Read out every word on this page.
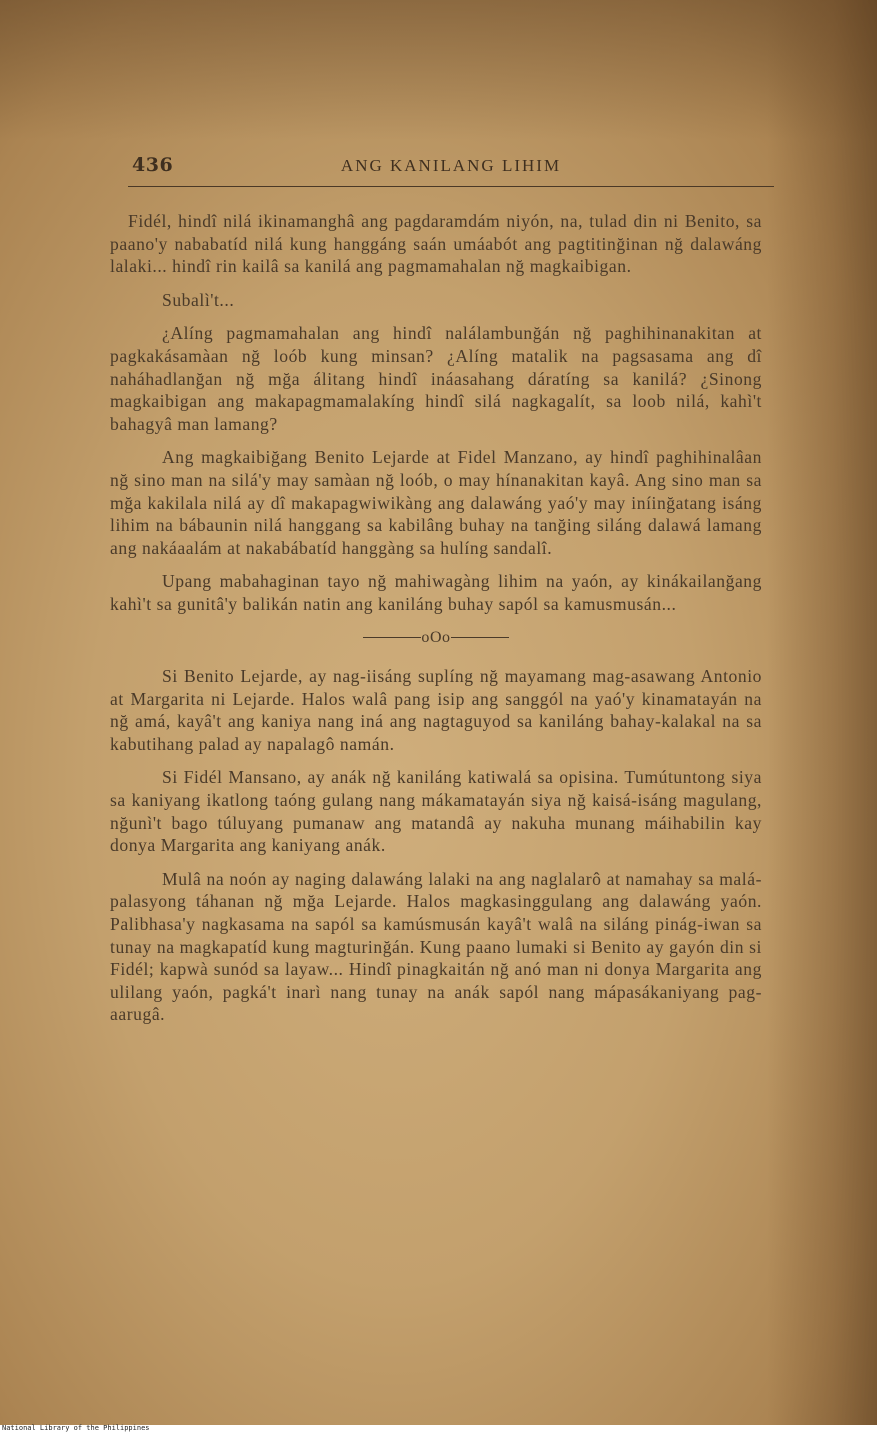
436	ANG KANILANG LIHIM

Fidél, hindî nilá ikinamanghâ ang pagdaramdám niyón, na, tulad din ni Benito, sa paano'y nababatíd nilá kung hanggáng saán umáabót ang pagtitinğinan nğ dalawáng lalaki... hindî rin kailâ sa kanilá ang pagmamahalan nğ magkaibigan.

Subalì't...

¿Alíng pagmamahalan ang hindî nalálambunğán nğ paghihinanakitan at pagkakásamàan nğ loób kung minsan? ¿Alíng matalik na pagsasama ang dî naháhadlanğan nğ mğa álitang hindî ináasahang dáratíng sa kanilá? ¿Sinong magkaibigan ang makapagmamalakíng hindî silá nagkagalít, sa loob nilá, kahì't bahagyâ man lamang?

Ang magkaibiğang Benito Lejarde at Fidel Manzano, ay hindî paghihinalâan nğ sino man na silá'y may samàan nğ loób, o may hínanakitan kayâ. Ang sino man sa mğa kakilala nilá ay dî makapagwiwikàng ang dalawáng yaó'y may iníinğatang isáng lihim na bábaunin nilá hanggang sa kabilâng buhay na tanğing siláng dalawá lamang ang nakáaalám at nakabábatíd hanggàng sa hulíng sandalî.

Upang mabahaginan tayo nğ mahiwagàng lihim na yaón, ay kinákailanğang kahì't sa gunitâ'y balikán natin ang kaniláng buhay sapól sa kamusmusán...

oOo

Si Benito Lejarde, ay nag-iisáng suplíng nğ mayamang mag-asawang Antonio at Margarita ni Lejarde. Halos walâ pang isip ang sanggól na yaó'y kinamatayán na nğ amá, kayâ't ang kaniya nang iná ang nagtaguyod sa kaniláng bahay-kalakal na sa kabutihang palad ay napalagô namán.

Si Fidél Mansano, ay anák nğ kaniláng katiwalá sa opisina. Tumútuntong siya sa kaniyang ikatlong taóng gulang nang mákamatayán siya nğ kaisá-isáng magulang, nğunì't bago túluyang pumanaw ang matandâ ay nakuha munang máihabilin kay donya Margarita ang kaniyang anák.

Mulâ na noón ay naging dalawáng lalaki na ang naglalarô at namahay sa malá-palasyong táhanan nğ mğa Lejarde. Halos magkasinggulang ang dalawáng yaón. Palibhasa'y nagkasama na sapól sa kamúsmusán kayâ't walâ na siláng pinág-iwan sa tunay na magkapatíd kung magturinğán. Kung paano lumaki si Benito ay gayón din si Fidél; kapwà sunód sa layaw... Hindî pinagkaitán nğ anó man ni donya Margarita ang ulilang yaón, pagká't inarì nang tunay na anák sapól nang mápasákaniyang pag-aarugâ.

National Library of the Philippines
